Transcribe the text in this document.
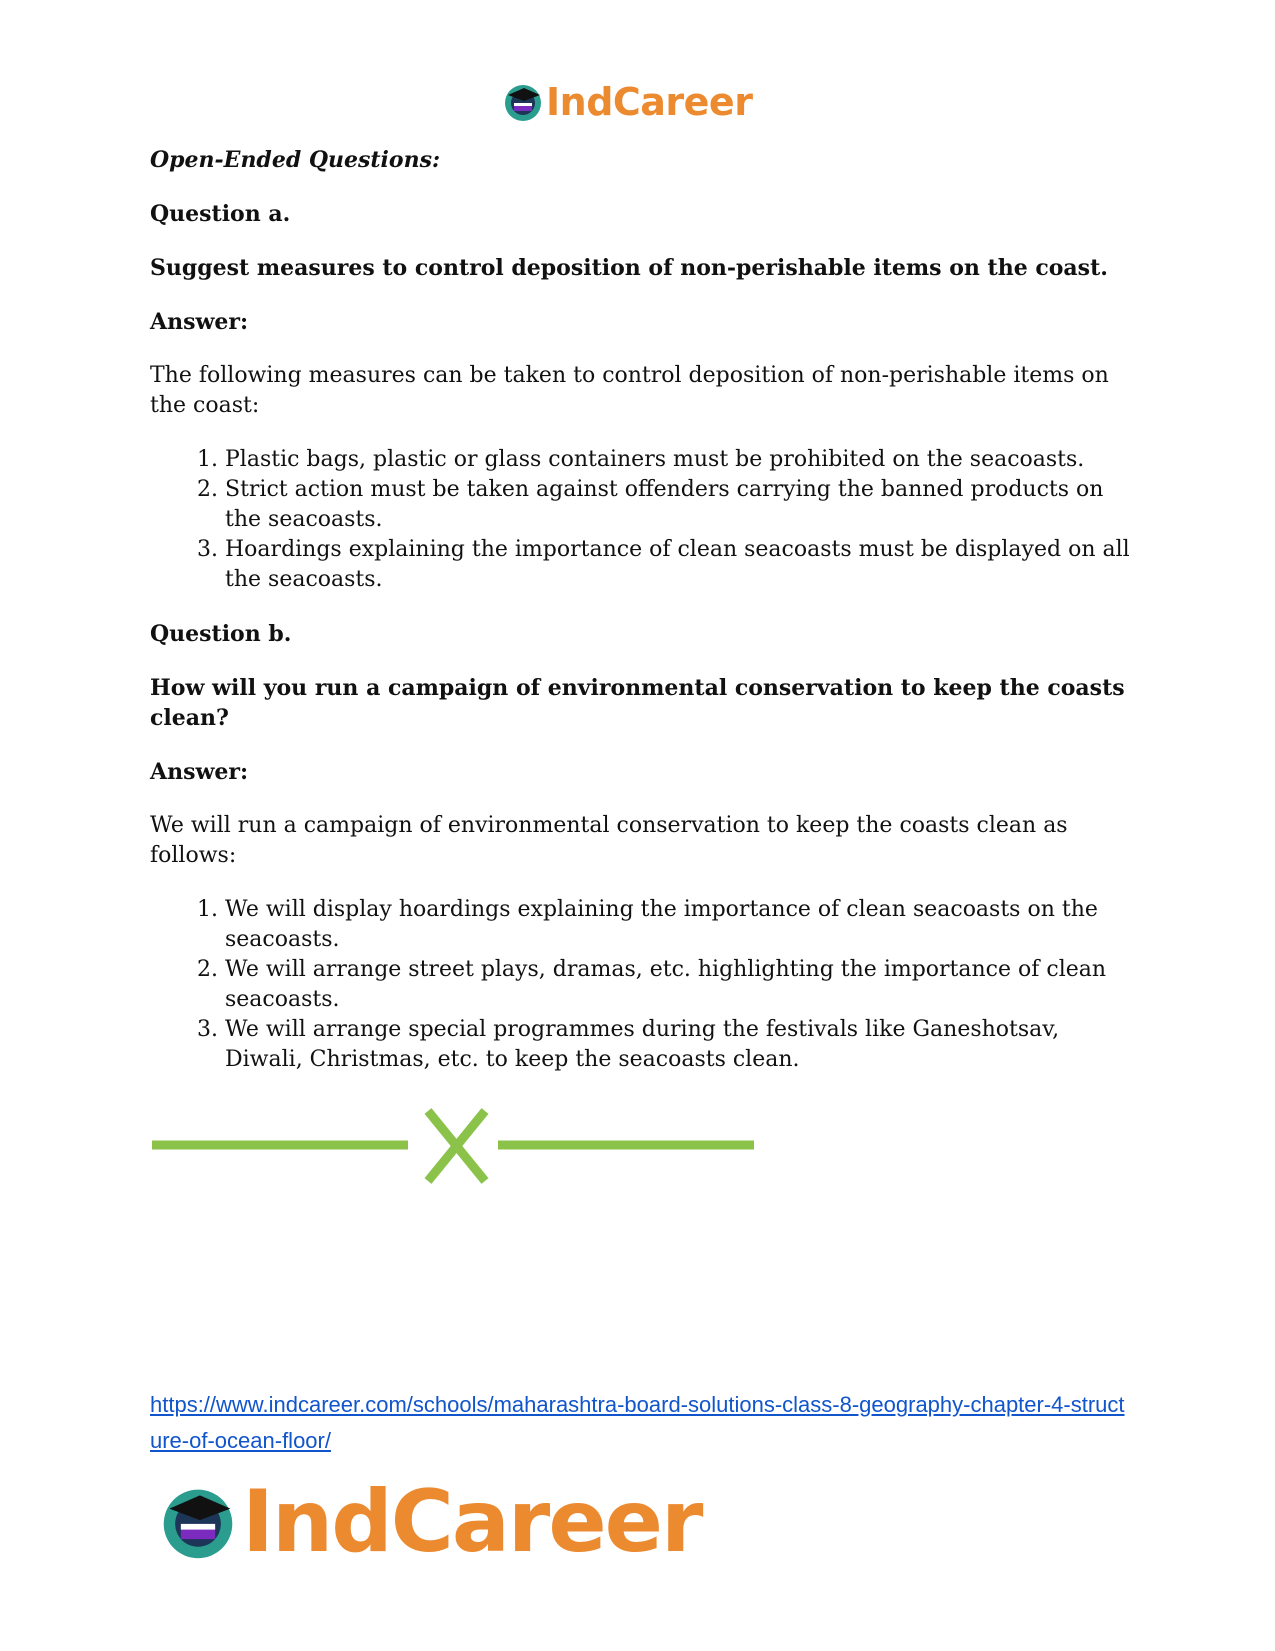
IndCareer

Open-Ended Questions:

Question a.

Suggest measures to control deposition of non-perishable items on the coast.

Answer:

The following measures can be taken to control deposition of non-perishable items on the coast:

1. Plastic bags, plastic or glass containers must be prohibited on the seacoasts.
2. Strict action must be taken against offenders carrying the banned products on the seacoasts.
3. Hoardings explaining the importance of clean seacoasts must be displayed on all the seacoasts.

Question b.

How will you run a campaign of environmental conservation to keep the coasts clean?

Answer:

We will run a campaign of environmental conservation to keep the coasts clean as follows:

1. We will display hoardings explaining the importance of clean seacoasts on the seacoasts.
2. We will arrange street plays, dramas, etc. highlighting the importance of clean seacoasts.
3. We will arrange special programmes during the festivals like Ganeshotsav, Diwali, Christmas, etc. to keep the seacoasts clean.
https://www.indcareer.com/schools/maharashtra-board-solutions-class-8-geography-chapter-4-structure-of-ocean-floor/
IndCareer
